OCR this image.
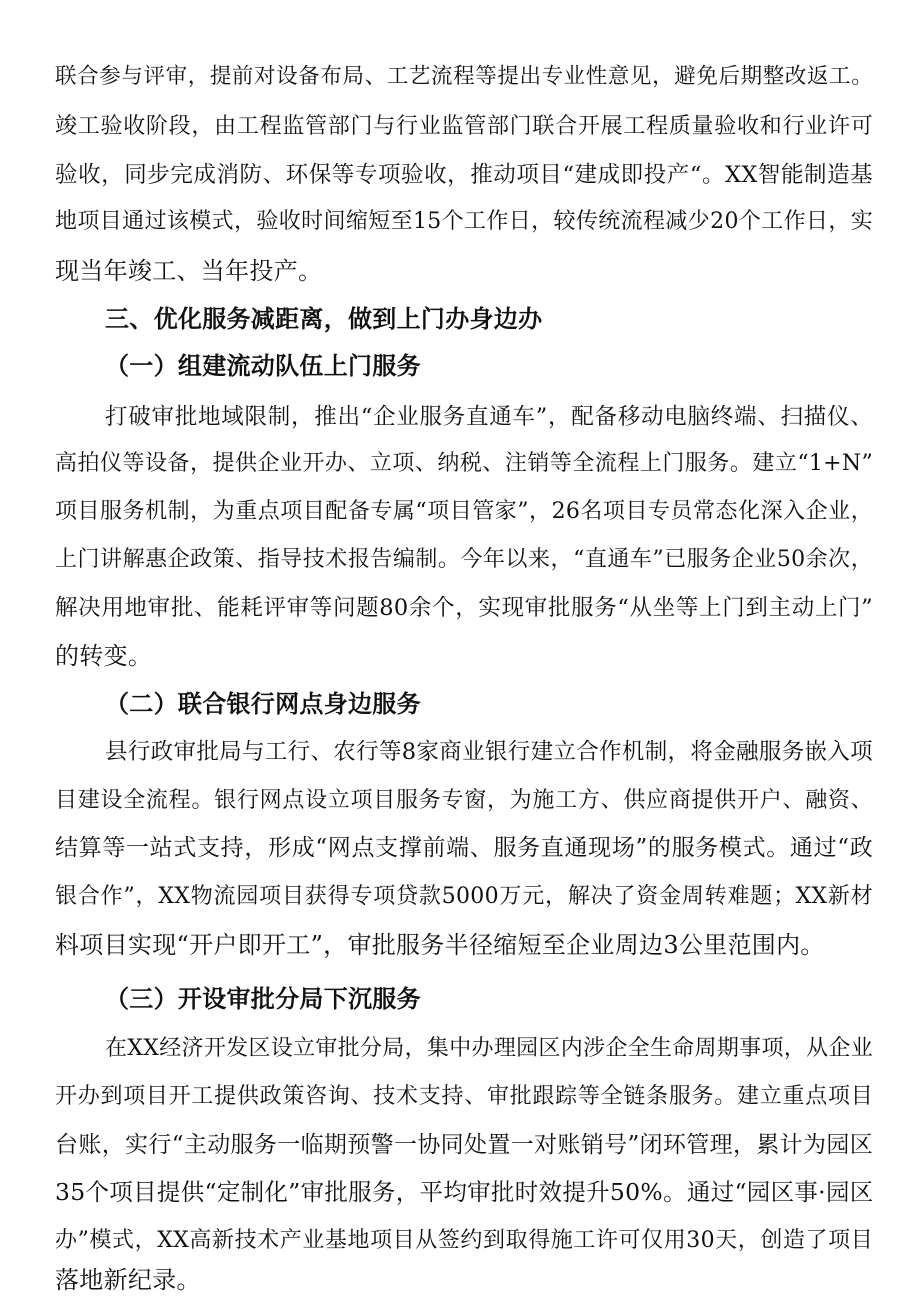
联合参与评审，提前对设备布局、工艺流程等提出专业性意见，避免后期整改返工。
竣工验收阶段，由工程监管部门与行业监管部门联合开展工程质量验收和行业许可
验收，同步完成消防、环保等专项验收，推动项目“建成即投产“。XX智能制造基
地项目通过该模式，验收时间缩短至15个工作日，较传统流程减少20个工作日，实
现当年竣工、当年投产。
三、优化服务减距离，做到上门办身边办
（一）组建流动队伍上门服务
打破审批地域限制，推出“企业服务直通车”，配备移动电脑终端、扫描仪、
高拍仪等设备，提供企业开办、立项、纳税、注销等全流程上门服务。建立“1+N”
项目服务机制，为重点项目配备专属“项目管家”，26名项目专员常态化深入企业，
上门讲解惠企政策、指导技术报告编制。今年以来，“直通车”已服务企业50余次，
解决用地审批、能耗评审等问题80余个，实现审批服务“从坐等上门到主动上门”
的转变。
（二）联合银行网点身边服务
县行政审批局与工行、农行等8家商业银行建立合作机制，将金融服务嵌入项
目建设全流程。银行网点设立项目服务专窗，为施工方、供应商提供开户、融资、
结算等一站式支持，形成“网点支撑前端、服务直通现场”的服务模式。通过“政
银合作”，XX物流园项目获得专项贷款5000万元，解决了资金周转难题；XX新材
料项目实现“开户即开工”，审批服务半径缩短至企业周边3公里范围内。
（三）开设审批分局下沉服务
在XX经济开发区设立审批分局，集中办理园区内涉企全生命周期事项，从企业
开办到项目开工提供政策咨询、技术支持、审批跟踪等全链条服务。建立重点项目
台账，实行“主动服务一临期预警一协同处置一对账销号”闭环管理，累计为园区
35个项目提供“定制化”审批服务，平均审批时效提升50%。通过“园区事·园区
办”模式，XX高新技术产业基地项目从签约到取得施工许可仅用30天，创造了项目
落地新纪录。
